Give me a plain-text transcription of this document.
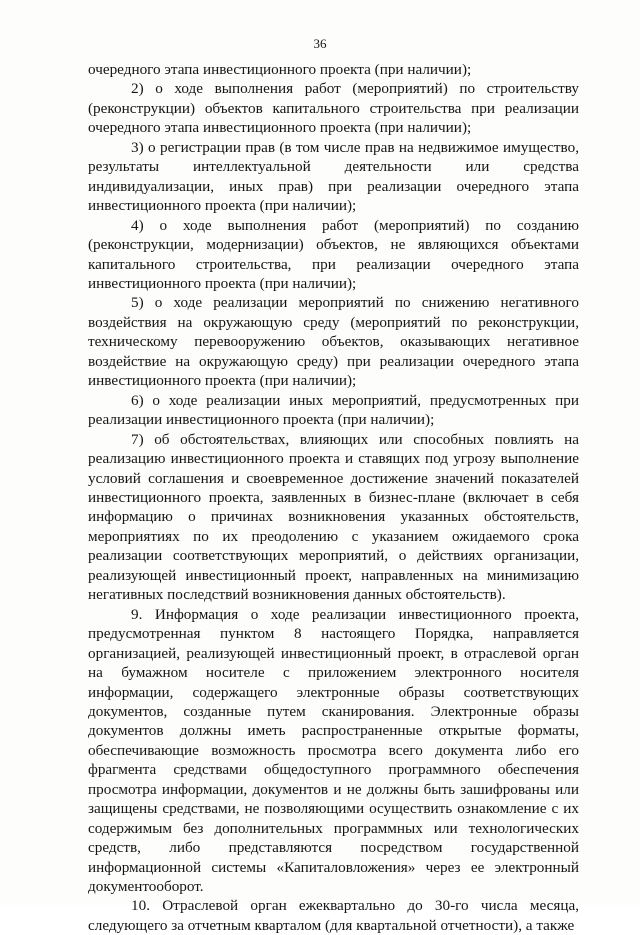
36

очередного этапа инвестиционного проекта (при наличии);

2) о ходе выполнения работ (мероприятий) по строительству (реконструкции) объектов капитального строительства при реализации очередного этапа инвестиционного проекта (при наличии);

3) о регистрации прав (в том числе прав на недвижимое имущество, результаты интеллектуальной деятельности или средства индивидуализации, иных прав) при реализации очередного этапа инвестиционного проекта (при наличии);

4) о ходе выполнения работ (мероприятий) по созданию (реконструкции, модернизации) объектов, не являющихся объектами капитального строительства, при реализации очередного этапа инвестиционного проекта (при наличии);

5) о ходе реализации мероприятий по снижению негативного воздействия на окружающую среду (мероприятий по реконструкции, техническому перевооружению объектов, оказывающих негативное воздействие на окружающую среду) при реализации очередного этапа инвестиционного проекта (при наличии);

6) о ходе реализации иных мероприятий, предусмотренных при реализации инвестиционного проекта (при наличии);

7) об обстоятельствах, влияющих или способных повлиять на реализацию инвестиционного проекта и ставящих под угрозу выполнение условий соглашения и своевременное достижение значений показателей инвестиционного проекта, заявленных в бизнес-плане (включает в себя информацию о причинах возникновения указанных обстоятельств, мероприятиях по их преодолению с указанием ожидаемого срока реализации соответствующих мероприятий, о действиях организации, реализующей инвестиционный проект, направленных на минимизацию негативных последствий возникновения данных обстоятельств).

9. Информация о ходе реализации инвестиционного проекта, предусмотренная пунктом 8 настоящего Порядка, направляется организацией, реализующей инвестиционный проект, в отраслевой орган на бумажном носителе с приложением электронного носителя информации, содержащего электронные образы соответствующих документов, созданные путем сканирования. Электронные образы документов должны иметь распространенные открытые форматы, обеспечивающие возможность просмотра всего документа либо его фрагмента средствами общедоступного программного обеспечения просмотра информации, документов и не должны быть зашифрованы или защищены средствами, не позволяющими осуществить ознакомление с их содержимым без дополнительных программных или технологических средств, либо представляются посредством государственной информационной системы «Капиталовложения» через ее электронный документооборот.

10. Отраслевой орган ежеквартально до 30-го числа месяца, следующего за отчетным кварталом (для квартальной отчетности), а также
